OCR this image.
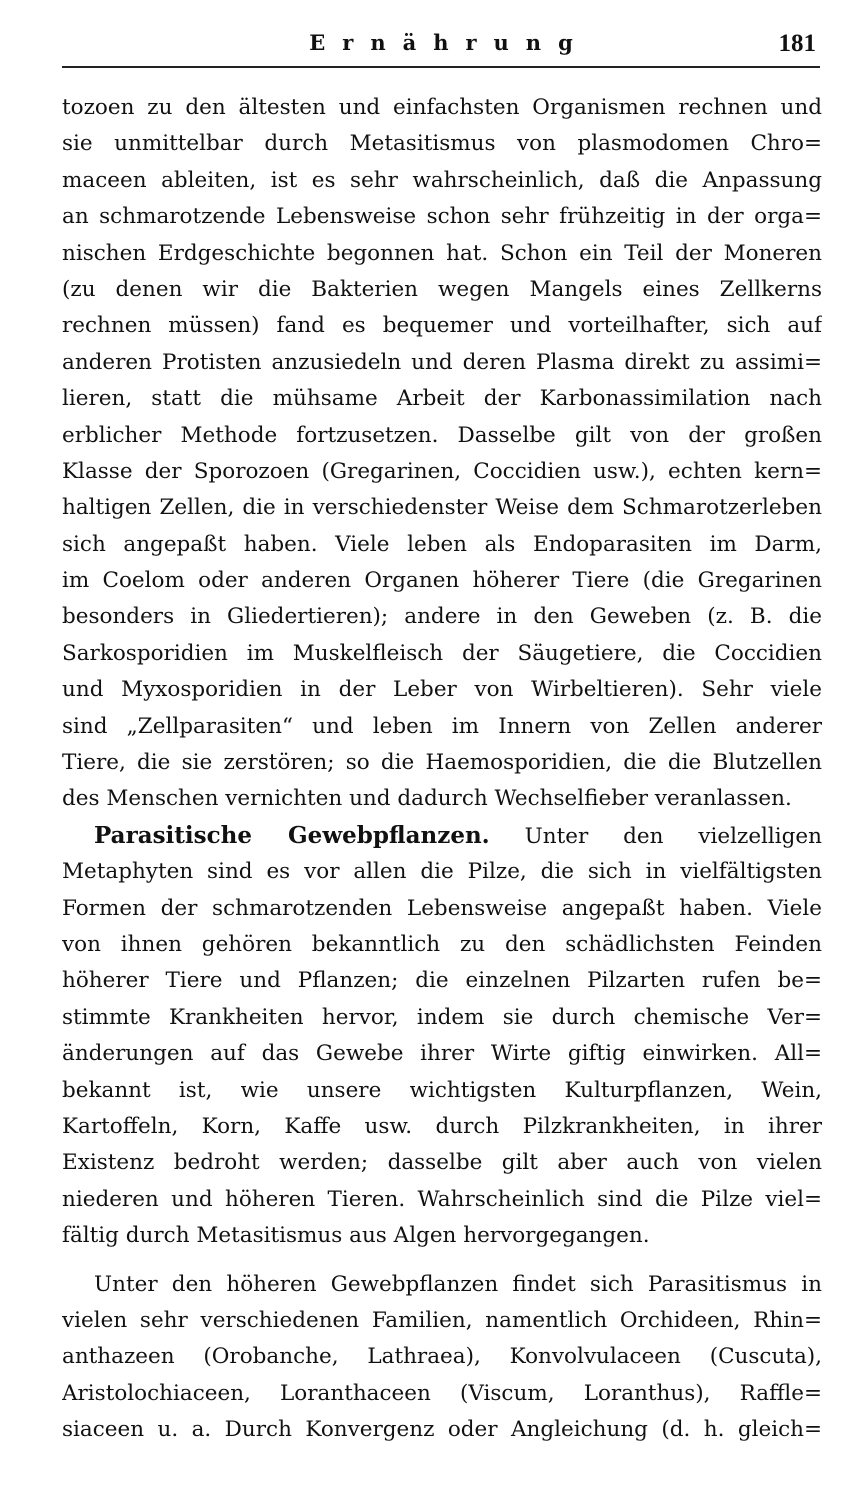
Ernährung	181
tozoen zu den ältesten und einfachsten Organismen rechnen und
sie unmittelbar durch Metasitismus von plasmodomen Chro=
maceen ableiten, ist es sehr wahrscheinlich, daß die Anpassung
an schmarotzende Lebensweise schon sehr frühzeitig in der orga=
nischen Erdgeschichte begonnen hat. Schon ein Teil der Moneren
(zu denen wir die Bakterien wegen Mangels eines Zellkerns
rechnen müssen) fand es bequemer und vorteilhafter, sich auf
anderen Protisten anzusiedeln und deren Plasma direkt zu assimi=
lieren, statt die mühsame Arbeit der Karbonassimilation nach
erblicher Methode fortzusetzen. Dasselbe gilt von der großen
Klasse der Sporozoen (Gregarinen, Coccidien usw.), echten kern=
haltigen Zellen, die in verschiedenster Weise dem Schmarotzerleben
sich angepaßt haben. Viele leben als Endoparasiten im Darm,
im Coelom oder anderen Organen höherer Tiere (die Gregarinen
besonders in Gliedertieren); andere in den Geweben (z. B. die
Sarkosporidien im Muskelfleisch der Säugetiere, die Coccidien
und Myxosporidien in der Leber von Wirbeltieren). Sehr viele
sind „Zellparasiten“ und leben im Innern von Zellen anderer
Tiere, die sie zerstören; so die Haemosporidien, die die Blutzellen
des Menschen vernichten und dadurch Wechselfieber veranlassen.
Parasitische Gewebpflanzen. Unter den vielzelligen
Metaphyten sind es vor allen die Pilze, die sich in vielfältigsten
Formen der schmarotzenden Lebensweise angepaßt haben. Viele
von ihnen gehören bekanntlich zu den schädlichsten Feinden
höherer Tiere und Pflanzen; die einzelnen Pilzarten rufen be=
stimmte Krankheiten hervor, indem sie durch chemische Ver=
änderungen auf das Gewebe ihrer Wirte giftig einwirken. All=
bekannt ist, wie unsere wichtigsten Kulturpflanzen, Wein,
Kartoffeln, Korn, Kaffe usw. durch Pilzkrankheiten, in ihrer
Existenz bedroht werden; dasselbe gilt aber auch von vielen
niederen und höheren Tieren. Wahrscheinlich sind die Pilze viel=
fältig durch Metasitismus aus Algen hervorgegangen.
Unter den höheren Gewebpflanzen findet sich Parasitismus in
vielen sehr verschiedenen Familien, namentlich Orchideen, Rhin=
anthazeen (Orobanche, Lathraea), Konvolvulaceen (Cuscuta),
Aristolochiaceen, Loranthaceen (Viscum, Loranthus), Raffle=
siaceen u. a. Durch Konvergenz oder Angleichung (d. h. gleich=
